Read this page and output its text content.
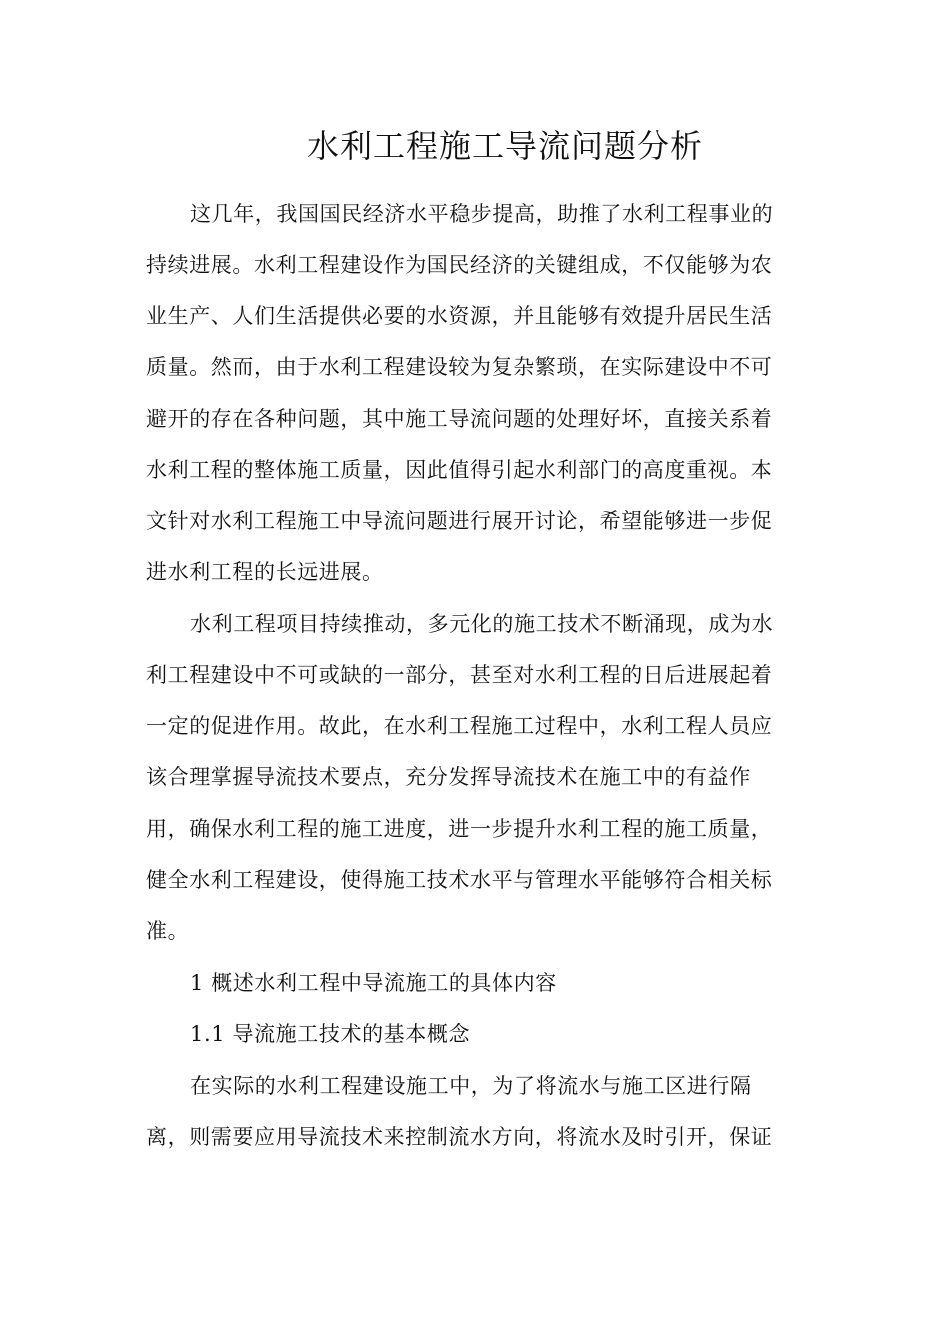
水利工程施工导流问题分析
这几年，我国国民经济水平稳步提高，助推了水利工程事业的
持续进展。水利工程建设作为国民经济的关键组成，不仅能够为农
业生产、人们生活提供必要的水资源，并且能够有效提升居民生活
质量。然而，由于水利工程建设较为复杂繁琐，在实际建设中不可
避开的存在各种问题，其中施工导流问题的处理好坏，直接关系着
水利工程的整体施工质量，因此值得引起水利部门的高度重视。本
文针对水利工程施工中导流问题进行展开讨论，希望能够进一步促
进水利工程的长远进展。
水利工程项目持续推动，多元化的施工技术不断涌现，成为水
利工程建设中不可或缺的一部分，甚至对水利工程的日后进展起着
一定的促进作用。故此，在水利工程施工过程中，水利工程人员应
该合理掌握导流技术要点，充分发挥导流技术在施工中的有益作
用，确保水利工程的施工进度，进一步提升水利工程的施工质量，
健全水利工程建设，使得施工技术水平与管理水平能够符合相关标
准。
1 概述水利工程中导流施工的具体内容
1.1 导流施工技术的基本概念
在实际的水利工程建设施工中，为了将流水与施工区进行隔
离，则需要应用导流技术来控制流水方向，将流水及时引开，保证
